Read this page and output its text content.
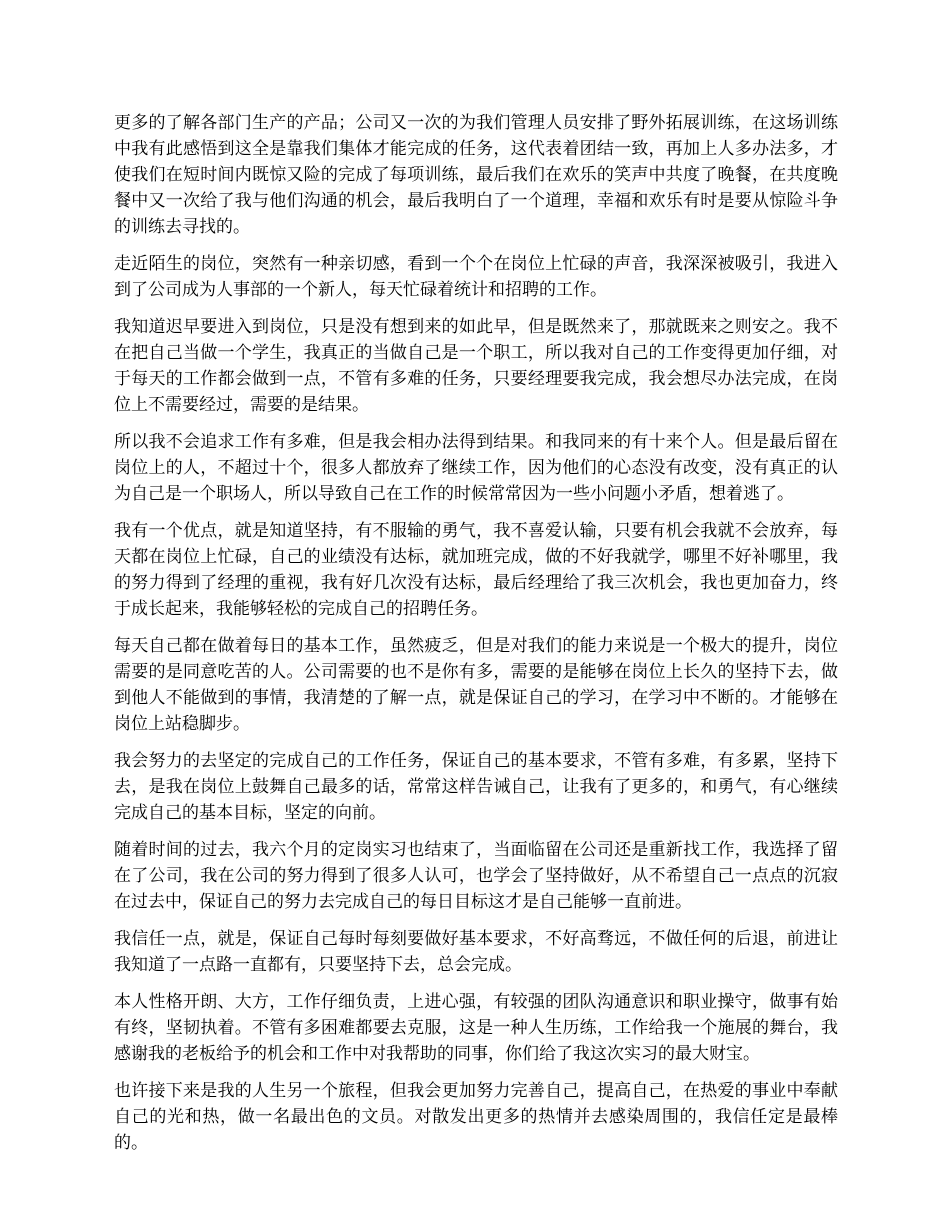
更多的了解各部门生产的产品；公司又一次的为我们管理人员安排了野外拓展训练，在这场训练中我有此感悟到这全是靠我们集体才能完成的任务，这代表着团结一致，再加上人多办法多，才使我们在短时间内既惊又险的完成了每项训练，最后我们在欢乐的笑声中共度了晚餐，在共度晚餐中又一次给了我与他们沟通的机会，最后我明白了一个道理，幸福和欢乐有时是要从惊险斗争的训练去寻找的。

走近陌生的岗位，突然有一种亲切感，看到一个个在岗位上忙碌的声音，我深深被吸引，我进入到了公司成为人事部的一个新人，每天忙碌着统计和招聘的工作。

我知道迟早要进入到岗位，只是没有想到来的如此早，但是既然来了，那就既来之则安之。我不在把自己当做一个学生，我真正的当做自己是一个职工，所以我对自己的工作变得更加仔细，对于每天的工作都会做到一点，不管有多难的任务，只要经理要我完成，我会想尽办法完成，在岗位上不需要经过，需要的是结果。

所以我不会追求工作有多难，但是我会相办法得到结果。和我同来的有十来个人。但是最后留在岗位上的人，不超过十个，很多人都放弃了继续工作，因为他们的心态没有改变，没有真正的认为自己是一个职场人，所以导致自己在工作的时候常常因为一些小问题小矛盾，想着逃了。

我有一个优点，就是知道坚持，有不服输的勇气，我不喜爱认输，只要有机会我就不会放弃，每天都在岗位上忙碌，自己的业绩没有达标，就加班完成，做的不好我就学，哪里不好补哪里，我的努力得到了经理的重视，我有好几次没有达标，最后经理给了我三次机会，我也更加奋力，终于成长起来，我能够轻松的完成自己的招聘任务。

每天自己都在做着每日的基本工作，虽然疲乏，但是对我们的能力来说是一个极大的提升，岗位需要的是同意吃苦的人。公司需要的也不是你有多，需要的是能够在岗位上长久的坚持下去，做到他人不能做到的事情，我清楚的了解一点，就是保证自己的学习，在学习中不断的。才能够在岗位上站稳脚步。

我会努力的去坚定的完成自己的工作任务，保证自己的基本要求，不管有多难，有多累，坚持下去，是我在岗位上鼓舞自己最多的话，常常这样告诫自己，让我有了更多的，和勇气，有心继续完成自己的基本目标，坚定的向前。

随着时间的过去，我六个月的定岗实习也结束了，当面临留在公司还是重新找工作，我选择了留在了公司，我在公司的努力得到了很多人认可，也学会了坚持做好，从不希望自己一点点的沉寂在过去中，保证自己的努力去完成自己的每日目标这才是自己能够一直前进。

我信任一点，就是，保证自己每时每刻要做好基本要求，不好高骛远，不做任何的后退，前进让我知道了一点路一直都有，只要坚持下去，总会完成。

本人性格开朗、大方，工作仔细负责，上进心强，有较强的团队沟通意识和职业操守，做事有始有终，坚韧执着。不管有多困难都要去克服，这是一种人生历练，工作给我一个施展的舞台，我感谢我的老板给予的机会和工作中对我帮助的同事，你们给了我这次实习的最大财宝。

也许接下来是我的人生另一个旅程，但我会更加努力完善自己，提高自己，在热爱的事业中奉献自己的光和热，做一名最出色的文员。对散发出更多的热情并去感染周围的，我信任定是最棒的。
